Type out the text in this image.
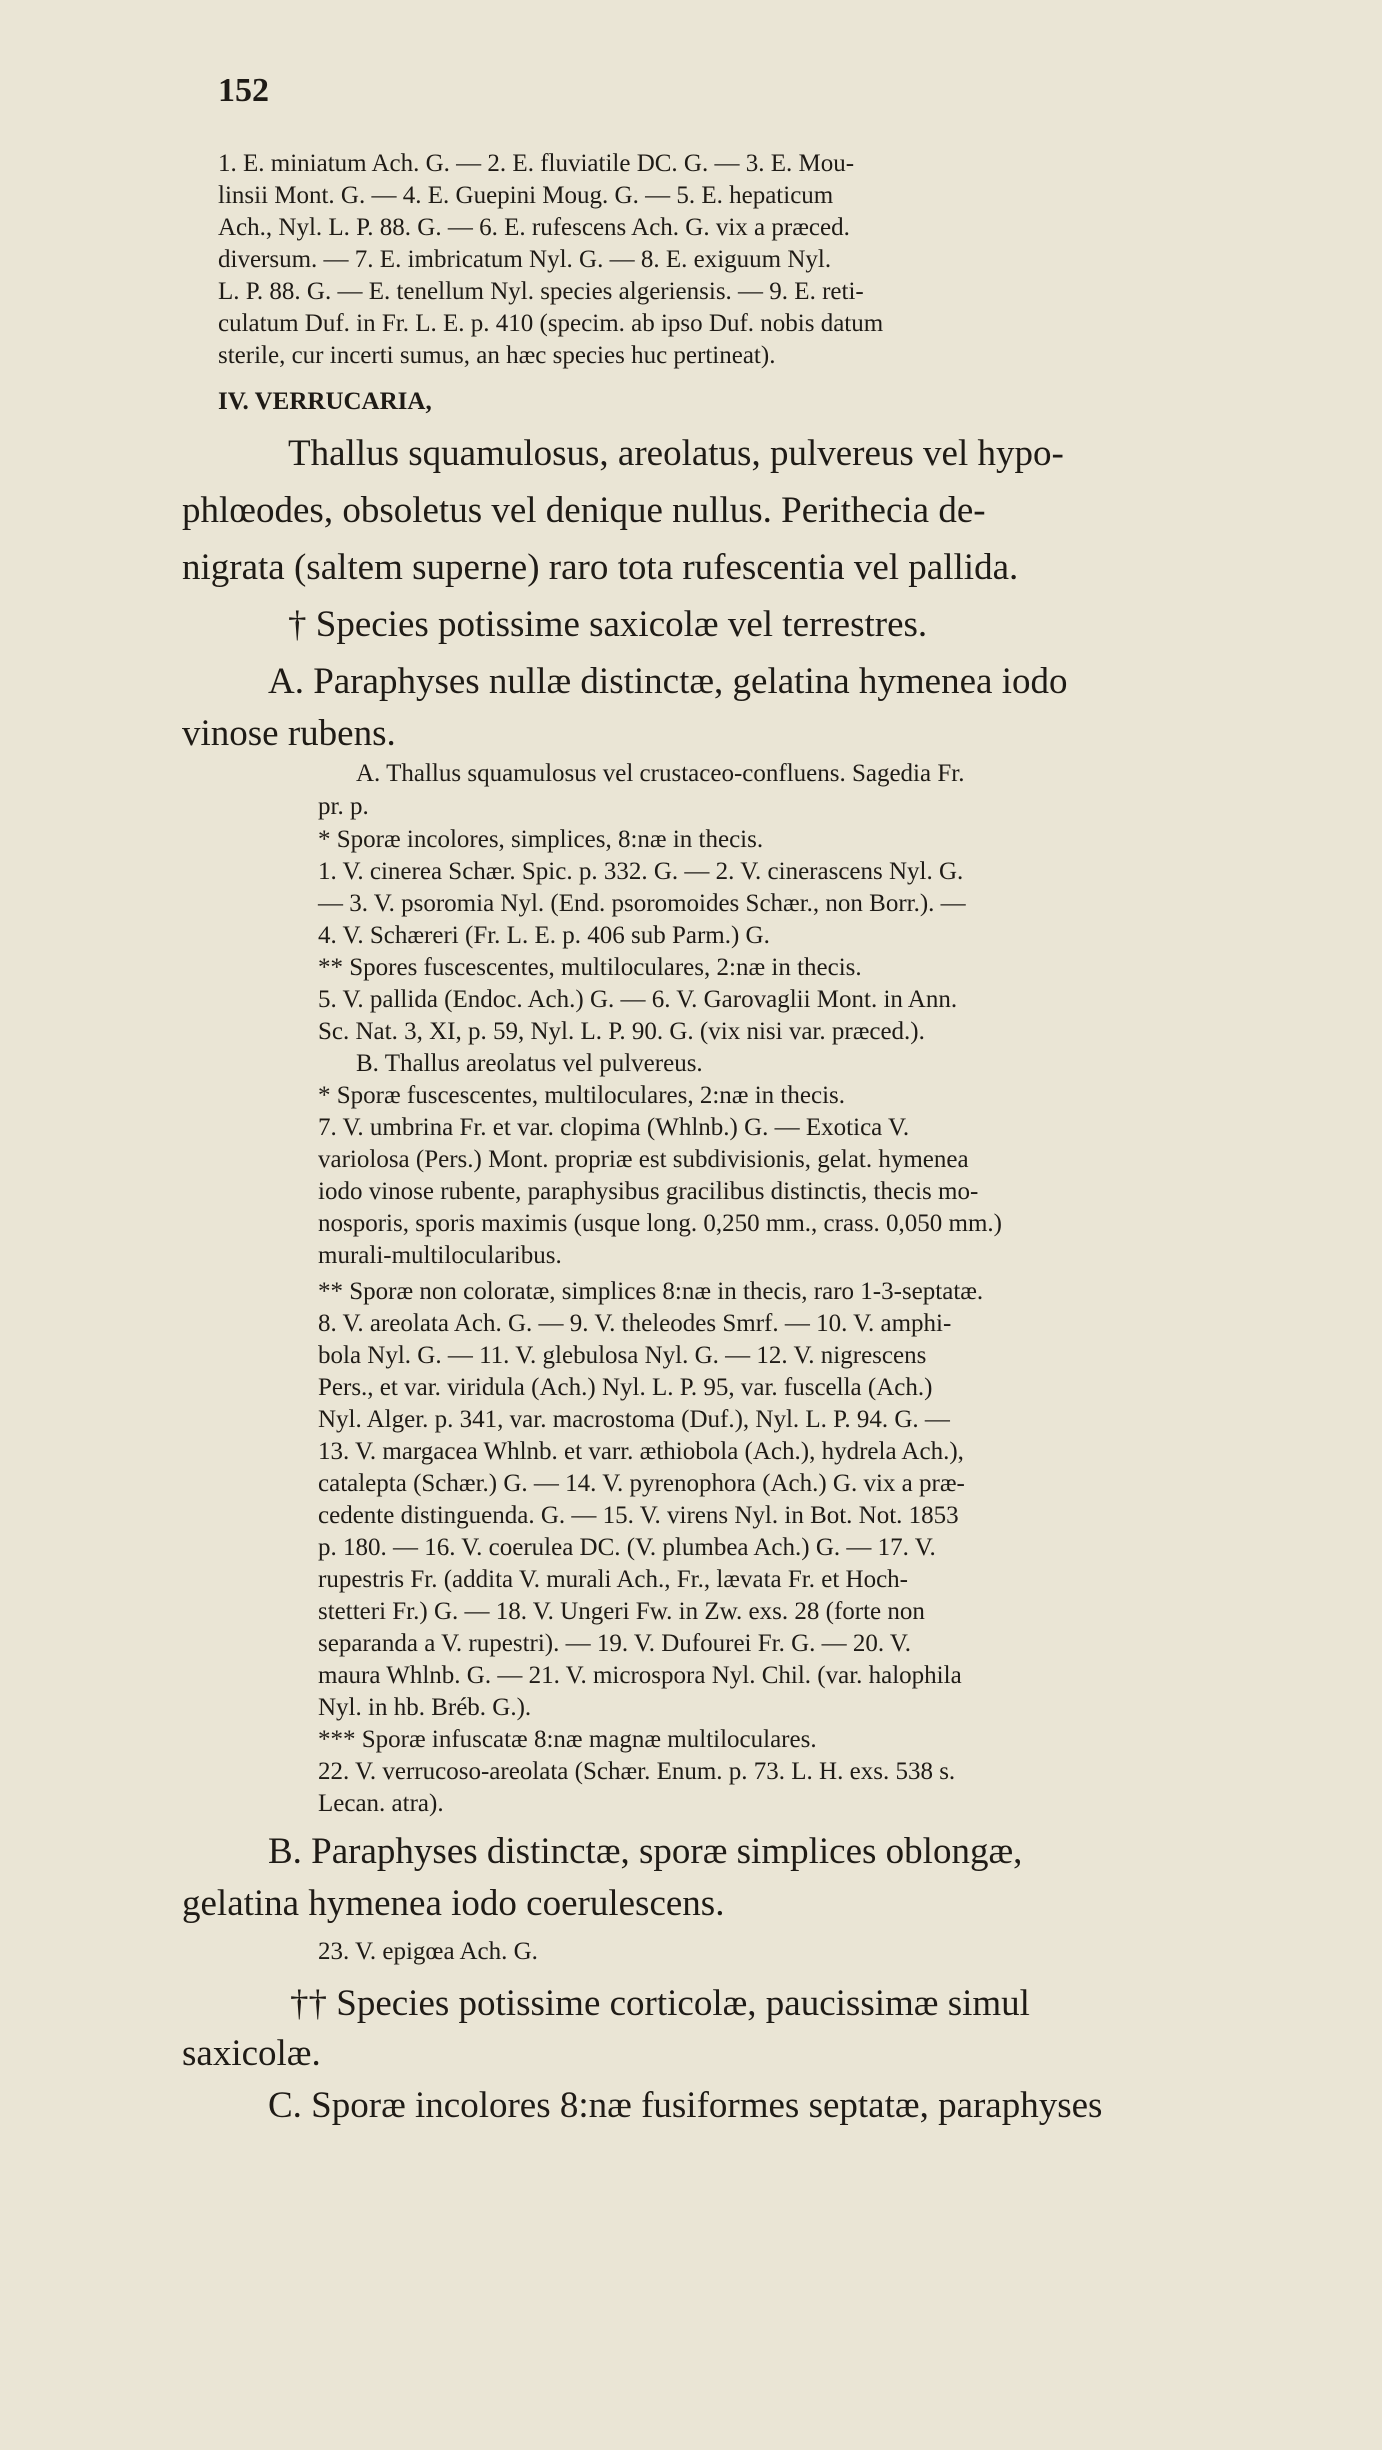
152
1. E. miniatum Ach. G. — 2. E. fluviatile DC. G. — 3. E. Mou-
linsii Mont. G. — 4. E. Guepini Moug. G. — 5. E. hepaticum
Ach., Nyl. L. P. 88. G. — 6. E. rufescens Ach. G. vix a præced.
diversum. — 7. E. imbricatum Nyl. G. — 8. E. exiguum Nyl.
L. P. 88. G. — E. tenellum Nyl. species algeriensis. — 9. E. reti-
culatum Duf. in Fr. L. E. p. 410 (specim. ab ipso Duf. nobis datum
sterile, cur incerti sumus, an hæc species huc pertineat).
IV. VERRUCARIA,
Thallus squamulosus, areolatus, pulvereus vel hypo-
phlœodes, obsoletus vel denique nullus. Perithecia de-
nigrata (saltem superne) raro tota rufescentia vel pallida.
† Species potissime saxicolæ vel terrestres.
A. Paraphyses nullæ distinctæ, gelatina hymenea iodo
vinose rubens.
A. Thallus squamulosus vel crustaceo-confluens. Sagedia Fr.
pr. p.
* Sporæ incolores, simplices, 8:næ in thecis.
1. V. cinerea Schær. Spic. p. 332. G. — 2. V. cinerascens Nyl. G.
— 3. V. psoromia Nyl. (End. psoromoides Schær., non Borr.). —
4. V. Schæreri (Fr. L. E. p. 406 sub Parm.) G.
** Spores fuscescentes, multiloculares, 2:næ in thecis.
5. V. pallida (Endoc. Ach.) G. — 6. V. Garovaglii Mont. in Ann.
Sc. Nat. 3, XI, p. 59, Nyl. L. P. 90. G. (vix nisi var. præced.).
B. Thallus areolatus vel pulvereus.
* Sporæ fuscescentes, multiloculares, 2:næ in thecis.
7. V. umbrina Fr. et var. clopima (Whlnb.) G. — Exotica V.
variolosa (Pers.) Mont. propriæ est subdivisionis, gelat. hymenea
iodo vinose rubente, paraphysibus gracilibus distinctis, thecis mo-
nosporis, sporis maximis (usque long. 0,250 mm., crass. 0,050 mm.)
murali-multilocularibus.
** Sporæ non coloratæ, simplices 8:næ in thecis, raro 1-3-septatæ.
8. V. areolata Ach. G. — 9. V. theleodes Smrf. — 10. V. amphi-
bola Nyl. G. — 11. V. glebulosa Nyl. G. — 12. V. nigrescens
Pers., et var. viridula (Ach.) Nyl. L. P. 95, var. fuscella (Ach.)
Nyl. Alger. p. 341, var. macrostoma (Duf.), Nyl. L. P. 94. G. —
13. V. margacea Whlnb. et varr. æthiobola (Ach.), hydrela Ach.),
catalepta (Schær.) G. — 14. V. pyrenophora (Ach.) G. vix a præ-
cedente distinguenda. G. — 15. V. virens Nyl. in Bot. Not. 1853
p. 180. — 16. V. coerulea DC. (V. plumbea Ach.) G. — 17. V.
rupestris Fr. (addita V. murali Ach., Fr., lævata Fr. et Hoch-
stetteri Fr.) G. — 18. V. Ungeri Fw. in Zw. exs. 28 (forte non
separanda a V. rupestri). — 19. V. Dufourei Fr. G. — 20. V.
maura Whlnb. G. — 21. V. microspora Nyl. Chil. (var. halophila
Nyl. in hb. Bréb. G.).
*** Sporæ infuscatæ 8:næ magnæ multiloculares.
22. V. verrucoso-areolata (Schær. Enum. p. 73. L. H. exs. 538 s.
Lecan. atra).
B. Paraphyses distinctæ, sporæ simplices oblongæ,
gelatina hymenea iodo coerulescens.
23. V. epigœa Ach. G.
†† Species potissime corticolæ, paucissimæ simul
saxicolæ.
C. Sporæ incolores 8:næ fusiformes septatæ, paraphyses
